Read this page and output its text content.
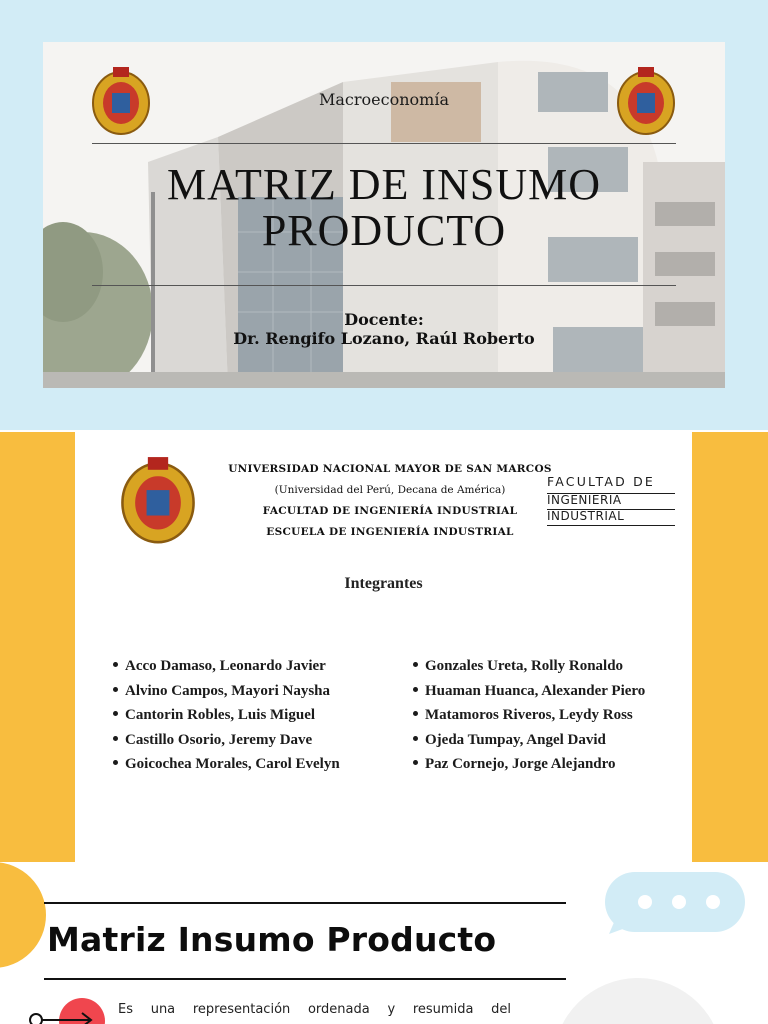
Macroeconomía
MATRIZ DE INSUMO
PRODUCTO
Docente:
Dr. Rengifo Lozano, Raúl Roberto
UNIVERSIDAD NACIONAL MAYOR DE SAN MARCOS
(Universidad del Perú, Decana de América)
FACULTAD DE INGENIERÍA INDUSTRIAL
ESCUELA DE INGENIERÍA INDUSTRIAL
FACULTAD DE
INGENIERIA
INDUSTRIAL
Integrantes
Acco Damaso, Leonardo Javier
Alvino Campos, Mayori Naysha
Cantorin Robles, Luis Miguel
Castillo Osorio, Jeremy Dave
Goicochea Morales, Carol Evelyn
Gonzales Ureta, Rolly Ronaldo
Huaman Huanca, Alexander Piero
Matamoros Riveros, Leydy Ross
Ojeda Tumpay, Angel David
Paz Cornejo, Jorge Alejandro
Matriz Insumo Producto
Es una representación ordenada y resumida del
